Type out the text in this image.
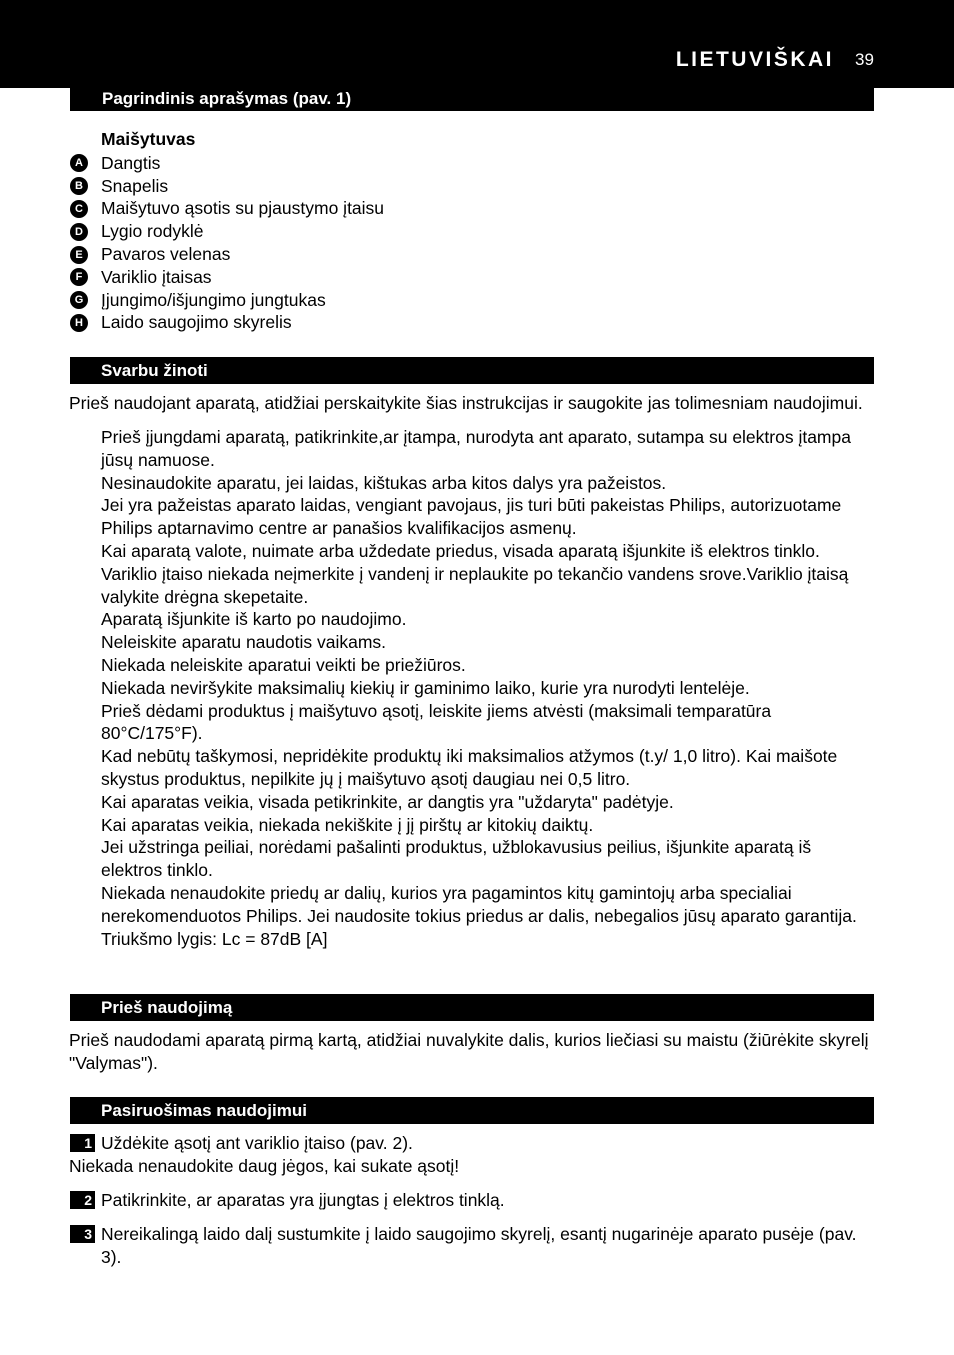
LIETUVIŠKAI 39
Pagrindinis aprašymas (pav. 1)
Maišytuvas
A Dangtis
B Snapelis
C Maišytuvo ąsotis su pjaustymo įtaisu
D Lygio rodyklė
E	Pavaros velenas
F	Variklio įtaisas
G Įjungimo/išjungimo jungtukas
H Laido saugojimo skyrelis
Svarbu žinoti
Prieš naudojant aparatą, atidžiai perskaitykite šias instrukcijas ir saugokite jas tolimesniam naudojimui.
Prieš įjungdami aparatą, patikrinkite,ar įtampa, nurodyta ant aparato, sutampa su elektros įtampa jūsų namuose.
Nesinaudokite aparatu, jei laidas, kištukas arba kitos dalys yra pažeistos.
Jei yra pažeistas aparato laidas, vengiant pavojaus, jis turi būti pakeistas Philips, autorizuotame Philips aptarnavimo centre ar panašios kvalifikacijos asmenų.
Kai aparatą valote, nuimate arba uždedate priedus, visada aparatą išjunkite iš elektros tinklo.
Variklio įtaiso niekada neįmerkite į vandenį ir neplaukite po tekančio vandens srove.Variklio įtaisą valykite drėgna skepetaite.
Aparatą išjunkite iš karto po naudojimo.
Neleiskite aparatu naudotis vaikams.
Niekada neleiskite aparatui veikti be priežiūros.
Niekada neviršykite maksimalių kiekių ir gaminimo laiko, kurie yra nurodyti lentelėje.
Prieš dėdami produktus į maišytuvo ąsotį, leiskite jiems atvėsti (maksimali temparatūra 80°C/175°F).
Kad nebūtų taškymosi, nepridėkite produktų iki maksimalios atžymos (t.y/ 1,0 litro). Kai maišote skystus produktus, nepilkite jų į maišytuvo ąsotį daugiau nei 0,5 litro.
Kai aparatas veikia, visada petikrinkite, ar dangtis yra "uždaryta" padėtyje.
Kai aparatas veikia, niekada nekiškite į jį pirštų ar kitokių daiktų.
Jei užstringa peiliai, norėdami pašalinti produktus, užblokavusius peilius, išjunkite aparatą iš elektros tinklo.
Niekada nenaudokite priedų ar dalių, kurios yra pagamintos kitų gamintojų arba specialiai nerekomenduotos Philips. Jei naudosite tokius priedus ar dalis, nebegalios jūsų aparato garantija.
Triukšmo lygis: Lc = 87dB [A]
Prieš naudojimą
Prieš naudodami aparatą pirmą kartą, atidžiai nuvalykite dalis, kurios liečiasi su maistu (žiūrėkite skyrelį "Valymas").
Pasiruošimas naudojimui
1 Uždėkite ąsotį ant variklio įtaiso (pav. 2).
Niekada nenaudokite daug jėgos, kai sukate ąsotį!
2 Patikrinkite, ar aparatas yra įjungtas į elektros tinklą.
3 Nereikalingą laido dalį sustumkite į laido saugojimo skyrelį, esantį nugarinėje aparato pusėje (pav. 3).
